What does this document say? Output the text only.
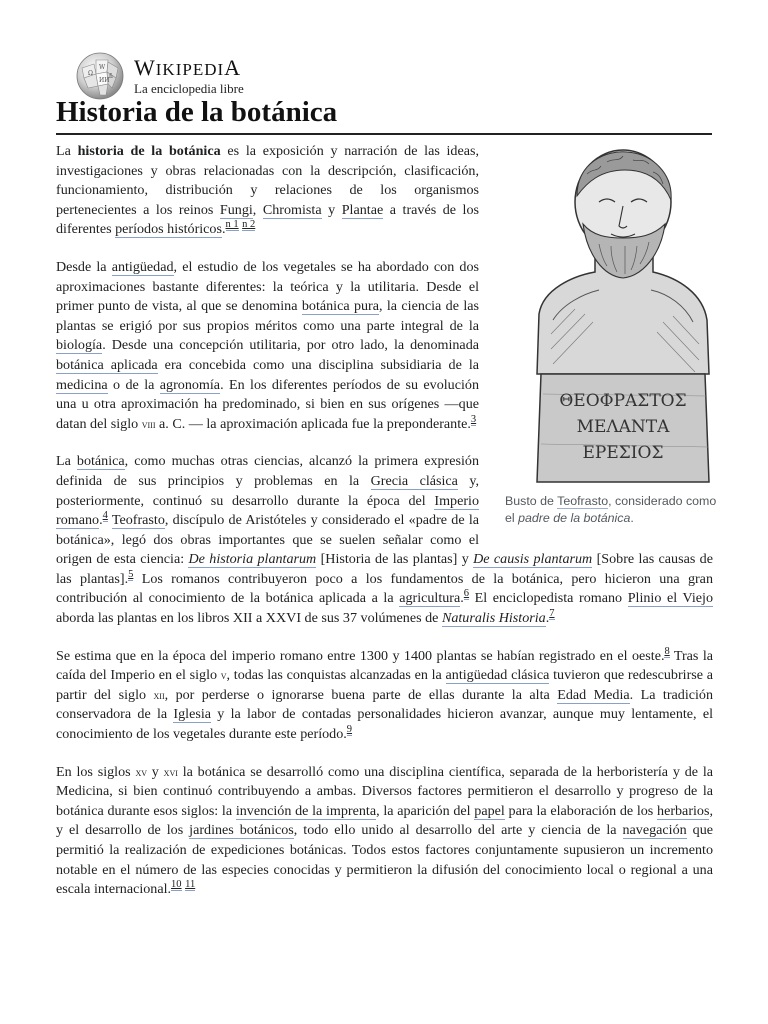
Ω
W
ИИ
ñ WIKIPEDIA
La enciclopedia libre
Historia de la botánica
ΘΕΟΦΡΑΣΤΟΣ
ΜΕΛΑΝΤΑ
ΕΡΕΣΙΟΣ
Busto de Teofrasto, considerado como el padre de la botánica.

La historia de la botánica es la exposición y narración de las ideas, investigaciones y obras relacionadas con la descripción, clasificación, funcionamiento, distribución y relaciones de los organismos pertenecientes a los reinos Fungi, Chromista y Plantae a través de los diferentes períodos históricos.$^{n 1}$ $^{n 2}$

Desde la antigüedad, el estudio de los vegetales se ha abordado con dos aproximaciones bastante diferentes: la teórica y la utilitaria. Desde el primer punto de vista, al que se denomina botánica pura, la ciencia de las plantas se erigió por sus propios méritos como una parte integral de la biología. Desde una concepción utilitaria, por otro lado, la denominada botánica aplicada era concebida como una disciplina subsidiaria de la medicina o de la agronomía. En los diferentes períodos de su evolución una u otra aproximación ha predominado, si bien en sus orígenes —que datan del siglo viii a. C. — la aproximación aplicada fue la preponderante.$^3$

La botánica, como muchas otras ciencias, alcanzó la primera expresión definida de sus principios y problemas en la Grecia clásica y, posteriormente, continuó su desarrollo durante la época del Imperio romano.$^4$ Teofrasto, discípulo de Aristóteles y considerado el «padre de la botánica», legó dos obras importantes que se suelen señalar como el origen de esta ciencia: De historia plantarum [Historia de las plantas] y De causis plantarum [Sobre las causas de las plantas].$^5$ Los romanos contribuyeron poco a los fundamentos de la botánica, pero hicieron una gran contribución al conocimiento de la botánica aplicada a la agricultura.$^6$ El enciclopedista romano Plinio el Viejo aborda las plantas en los libros XII a XXVI de sus 37 volúmenes de Naturalis Historia.$^7$

Se estima que en la época del imperio romano entre 1300 y 1400 plantas se habían registrado en el oeste.$^8$ Tras la caída del Imperio en el siglo v, todas las conquistas alcanzadas en la antigüedad clásica tuvieron que redescubrirse a partir del siglo xii, por perderse o ignorarse buena parte de ellas durante la alta Edad Media. La tradición conservadora de la Iglesia y la labor de contadas personalidades hicieron avanzar, aunque muy lentamente, el conocimiento de los vegetales durante este período.$^9$

En los siglos xv y xvi la botánica se desarrolló como una disciplina científica, separada de la herboristería y de la Medicina, si bien continuó contribuyendo a ambas. Diversos factores permitieron el desarrollo y progreso de la botánica durante esos siglos: la invención de la imprenta, la aparición del papel para la elaboración de los herbarios, y el desarrollo de los jardines botánicos, todo ello unido al desarrollo del arte y ciencia de la navegación que permitió la realización de expediciones botánicas. Todos estos factores conjuntamente supusieron un incremento notable en el número de las especies conocidas y permitieron la difusión del conocimiento local o regional a una escala internacional.$^{10}$ $^{11}$
